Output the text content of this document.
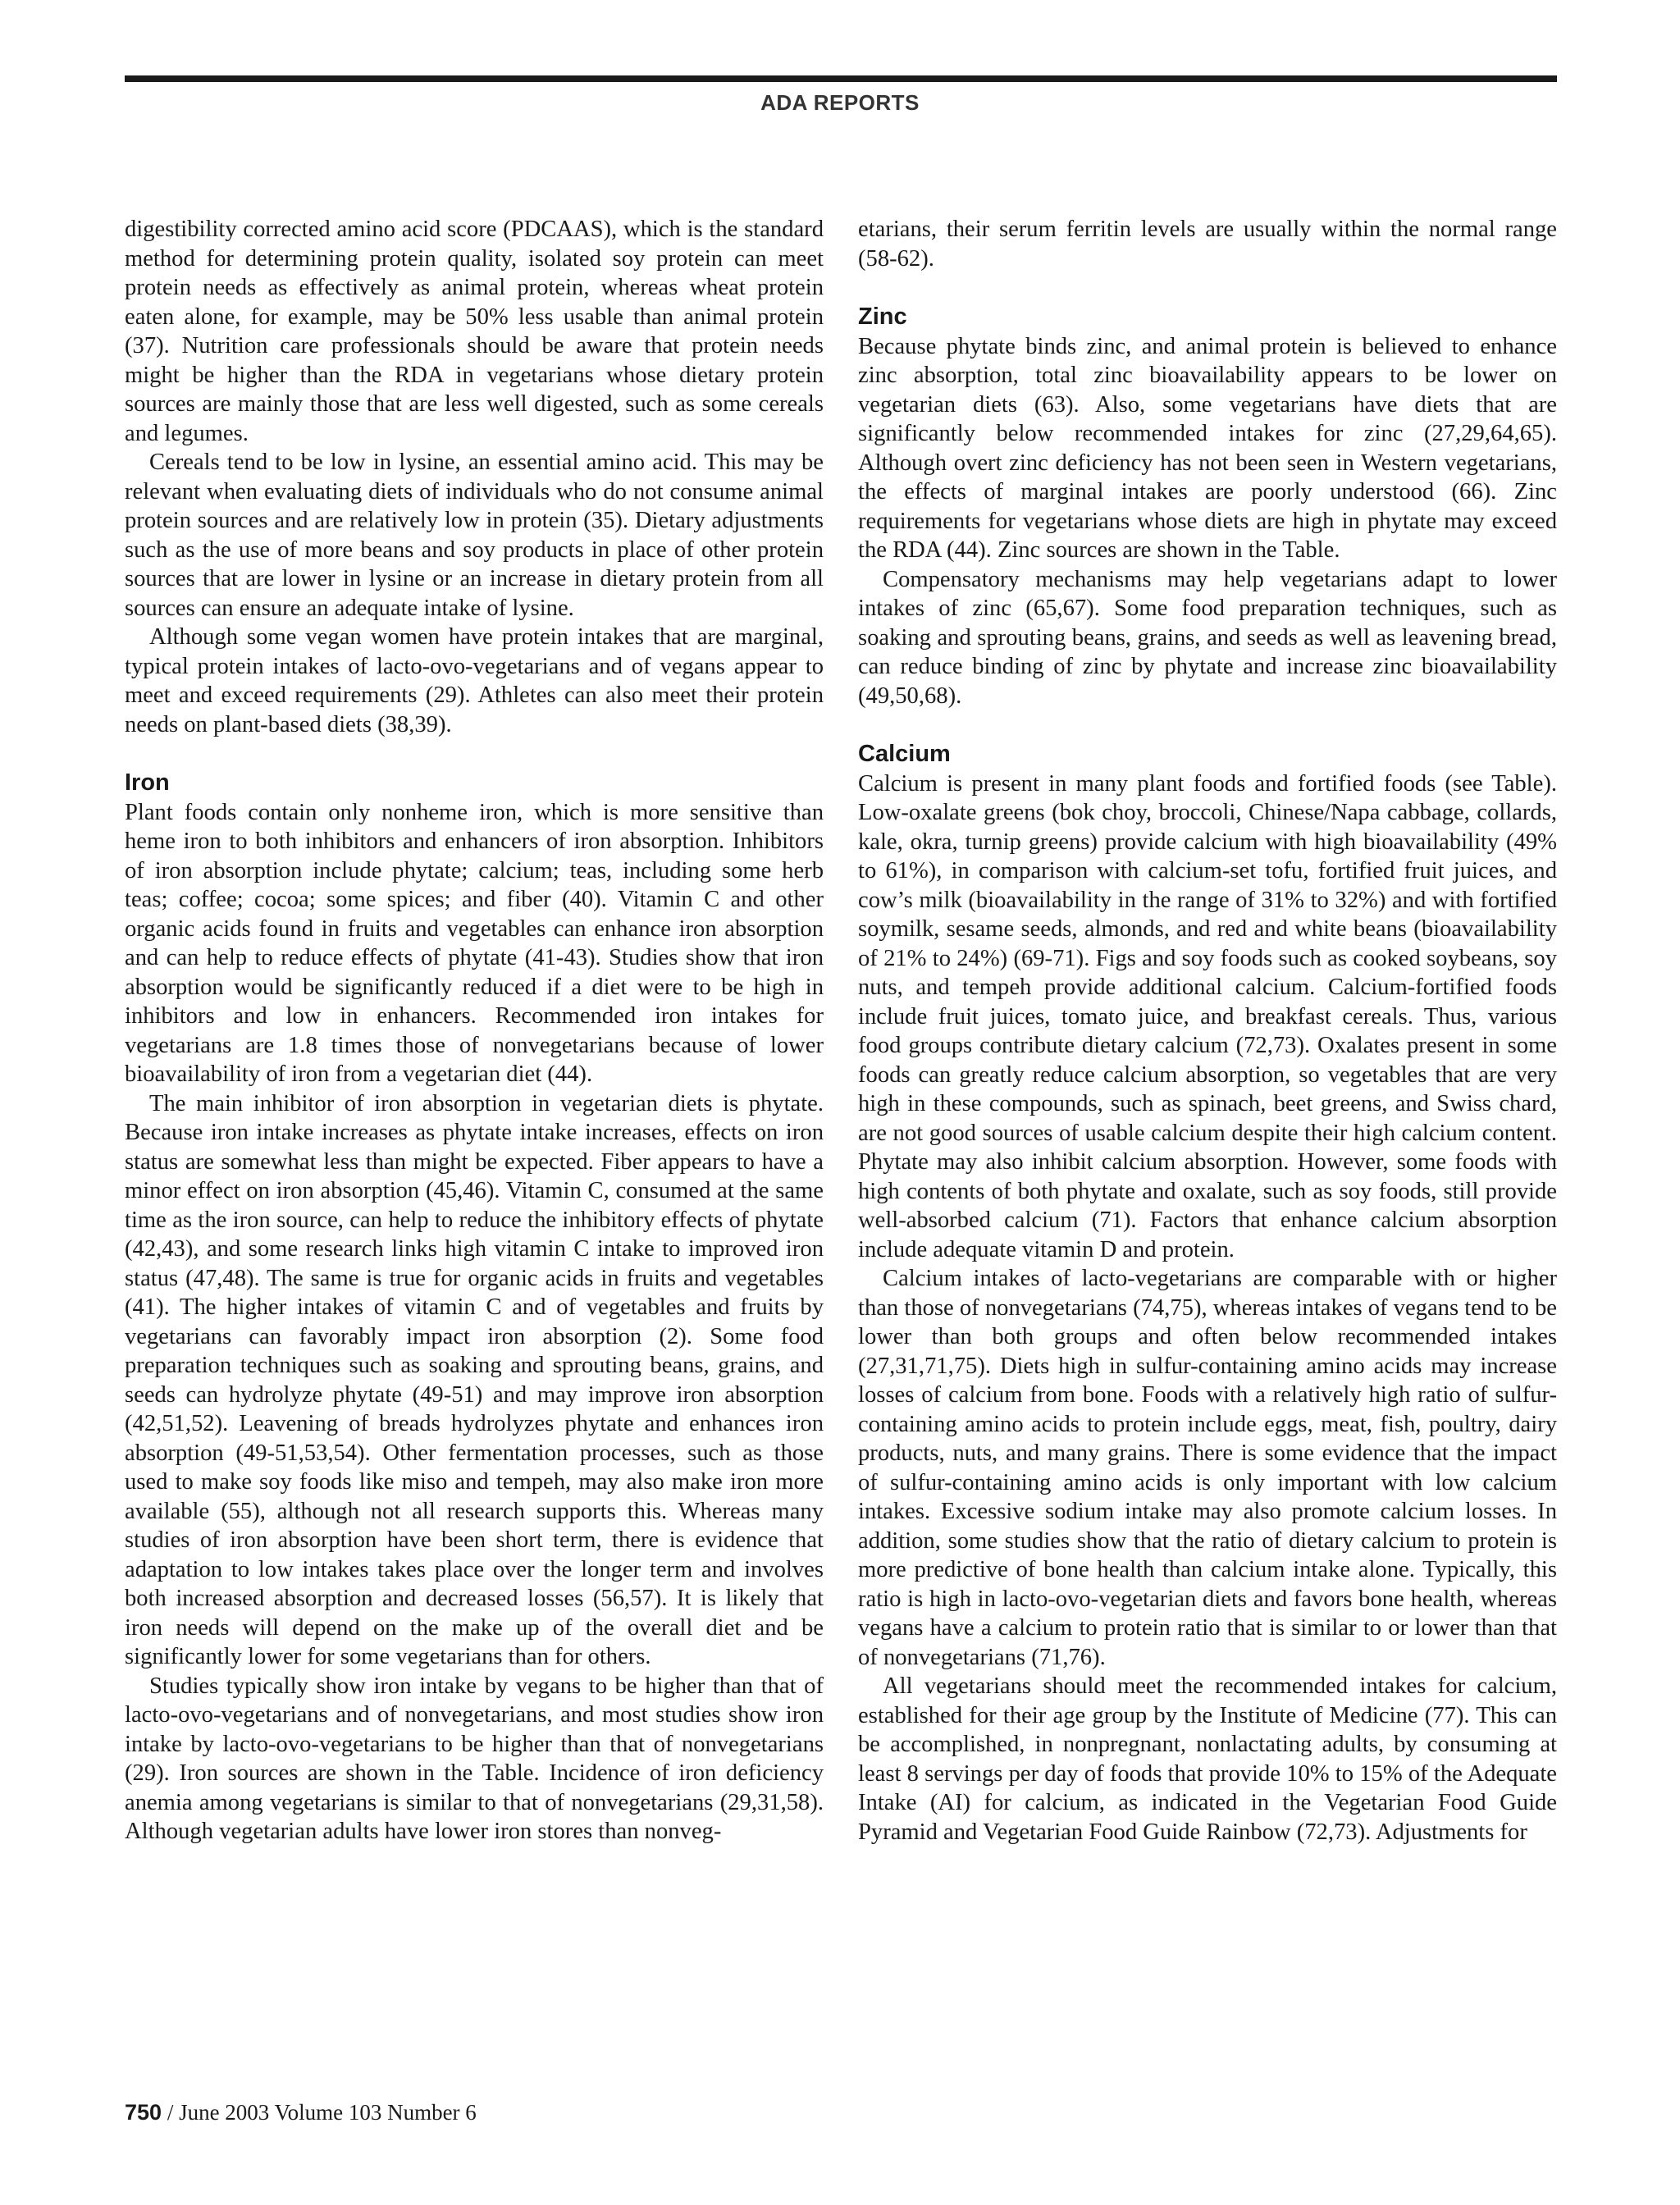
ADA REPORTS

digestibility corrected amino acid score (PDCAAS), which is the standard method for determining protein quality, isolated soy protein can meet protein needs as effectively as animal protein, whereas wheat protein eaten alone, for example, may be 50% less usable than animal protein (37). Nutrition care professionals should be aware that protein needs might be higher than the RDA in vegetarians whose dietary protein sources are mainly those that are less well digested, such as some cereals and legumes.

Cereals tend to be low in lysine, an essential amino acid. This may be relevant when evaluating diets of individuals who do not consume animal protein sources and are relatively low in protein (35). Dietary adjustments such as the use of more beans and soy products in place of other protein sources that are lower in lysine or an increase in dietary protein from all sources can ensure an adequate intake of lysine.

Although some vegan women have protein intakes that are marginal, typical protein intakes of lacto-ovo-vegetarians and of vegans appear to meet and exceed requirements (29). Athletes can also meet their protein needs on plant-based diets (38,39).

Iron

Plant foods contain only nonheme iron, which is more sensitive than heme iron to both inhibitors and enhancers of iron absorption. Inhibitors of iron absorption include phytate; calcium; teas, including some herb teas; coffee; cocoa; some spices; and fiber (40). Vitamin C and other organic acids found in fruits and vegetables can enhance iron absorption and can help to reduce effects of phytate (41-43). Studies show that iron absorption would be significantly reduced if a diet were to be high in inhibitors and low in enhancers. Recommended iron intakes for vegetarians are 1.8 times those of nonvegetarians because of lower bioavailability of iron from a vegetarian diet (44).

The main inhibitor of iron absorption in vegetarian diets is phytate. Because iron intake increases as phytate intake increases, effects on iron status are somewhat less than might be expected. Fiber appears to have a minor effect on iron absorption (45,46). Vitamin C, consumed at the same time as the iron source, can help to reduce the inhibitory effects of phytate (42,43), and some research links high vitamin C intake to improved iron status (47,48). The same is true for organic acids in fruits and vegetables (41). The higher intakes of vitamin C and of vegetables and fruits by vegetarians can favorably impact iron absorption (2). Some food preparation techniques such as soaking and sprouting beans, grains, and seeds can hydrolyze phytate (49-51) and may improve iron absorption (42,51,52). Leavening of breads hydrolyzes phytate and enhances iron absorption (49-51,53,54). Other fermentation processes, such as those used to make soy foods like miso and tempeh, may also make iron more available (55), although not all research supports this. Whereas many studies of iron absorption have been short term, there is evidence that adaptation to low intakes takes place over the longer term and involves both increased absorption and decreased losses (56,57). It is likely that iron needs will depend on the make up of the overall diet and be significantly lower for some vegetarians than for others.

Studies typically show iron intake by vegans to be higher than that of lacto-ovo-vegetarians and of nonvegetarians, and most studies show iron intake by lacto-ovo-vegetarians to be higher than that of nonvegetarians (29). Iron sources are shown in the Table. Incidence of iron deficiency anemia among vegetarians is similar to that of nonvegetarians (29,31,58). Although vegetarian adults have lower iron stores than nonveg-

etarians, their serum ferritin levels are usually within the normal range (58-62).

Zinc

Because phytate binds zinc, and animal protein is believed to enhance zinc absorption, total zinc bioavailability appears to be lower on vegetarian diets (63). Also, some vegetarians have diets that are significantly below recommended intakes for zinc (27,29,64,65). Although overt zinc deficiency has not been seen in Western vegetarians, the effects of marginal intakes are poorly understood (66). Zinc requirements for vegetarians whose diets are high in phytate may exceed the RDA (44). Zinc sources are shown in the Table.

Compensatory mechanisms may help vegetarians adapt to lower intakes of zinc (65,67). Some food preparation techniques, such as soaking and sprouting beans, grains, and seeds as well as leavening bread, can reduce binding of zinc by phytate and increase zinc bioavailability (49,50,68).

Calcium

Calcium is present in many plant foods and fortified foods (see Table). Low-oxalate greens (bok choy, broccoli, Chinese/Napa cabbage, collards, kale, okra, turnip greens) provide calcium with high bioavailability (49% to 61%), in comparison with calcium-set tofu, fortified fruit juices, and cow’s milk (bioavailability in the range of 31% to 32%) and with fortified soymilk, sesame seeds, almonds, and red and white beans (bioavailability of 21% to 24%) (69-71). Figs and soy foods such as cooked soybeans, soy nuts, and tempeh provide additional calcium. Calcium-fortified foods include fruit juices, tomato juice, and breakfast cereals. Thus, various food groups contribute dietary calcium (72,73). Oxalates present in some foods can greatly reduce calcium absorption, so vegetables that are very high in these compounds, such as spinach, beet greens, and Swiss chard, are not good sources of usable calcium despite their high calcium content. Phytate may also inhibit calcium absorption. However, some foods with high contents of both phytate and oxalate, such as soy foods, still provide well-absorbed calcium (71). Factors that enhance calcium absorption include adequate vitamin D and protein.

Calcium intakes of lacto-vegetarians are comparable with or higher than those of nonvegetarians (74,75), whereas intakes of vegans tend to be lower than both groups and often below recommended intakes (27,31,71,75). Diets high in sulfur-containing amino acids may increase losses of calcium from bone. Foods with a relatively high ratio of sulfur-containing amino acids to protein include eggs, meat, fish, poultry, dairy products, nuts, and many grains. There is some evidence that the impact of sulfur-containing amino acids is only important with low calcium intakes. Excessive sodium intake may also promote calcium losses. In addition, some studies show that the ratio of dietary calcium to protein is more predictive of bone health than calcium intake alone. Typically, this ratio is high in lacto-ovo-vegetarian diets and favors bone health, whereas vegans have a calcium to protein ratio that is similar to or lower than that of nonvegetarians (71,76).

All vegetarians should meet the recommended intakes for calcium, established for their age group by the Institute of Medicine (77). This can be accomplished, in nonpregnant, nonlactating adults, by consuming at least 8 servings per day of foods that provide 10% to 15% of the Adequate Intake (AI) for calcium, as indicated in the Vegetarian Food Guide Pyramid and Vegetarian Food Guide Rainbow (72,73). Adjustments for

750 / June 2003 Volume 103 Number 6
